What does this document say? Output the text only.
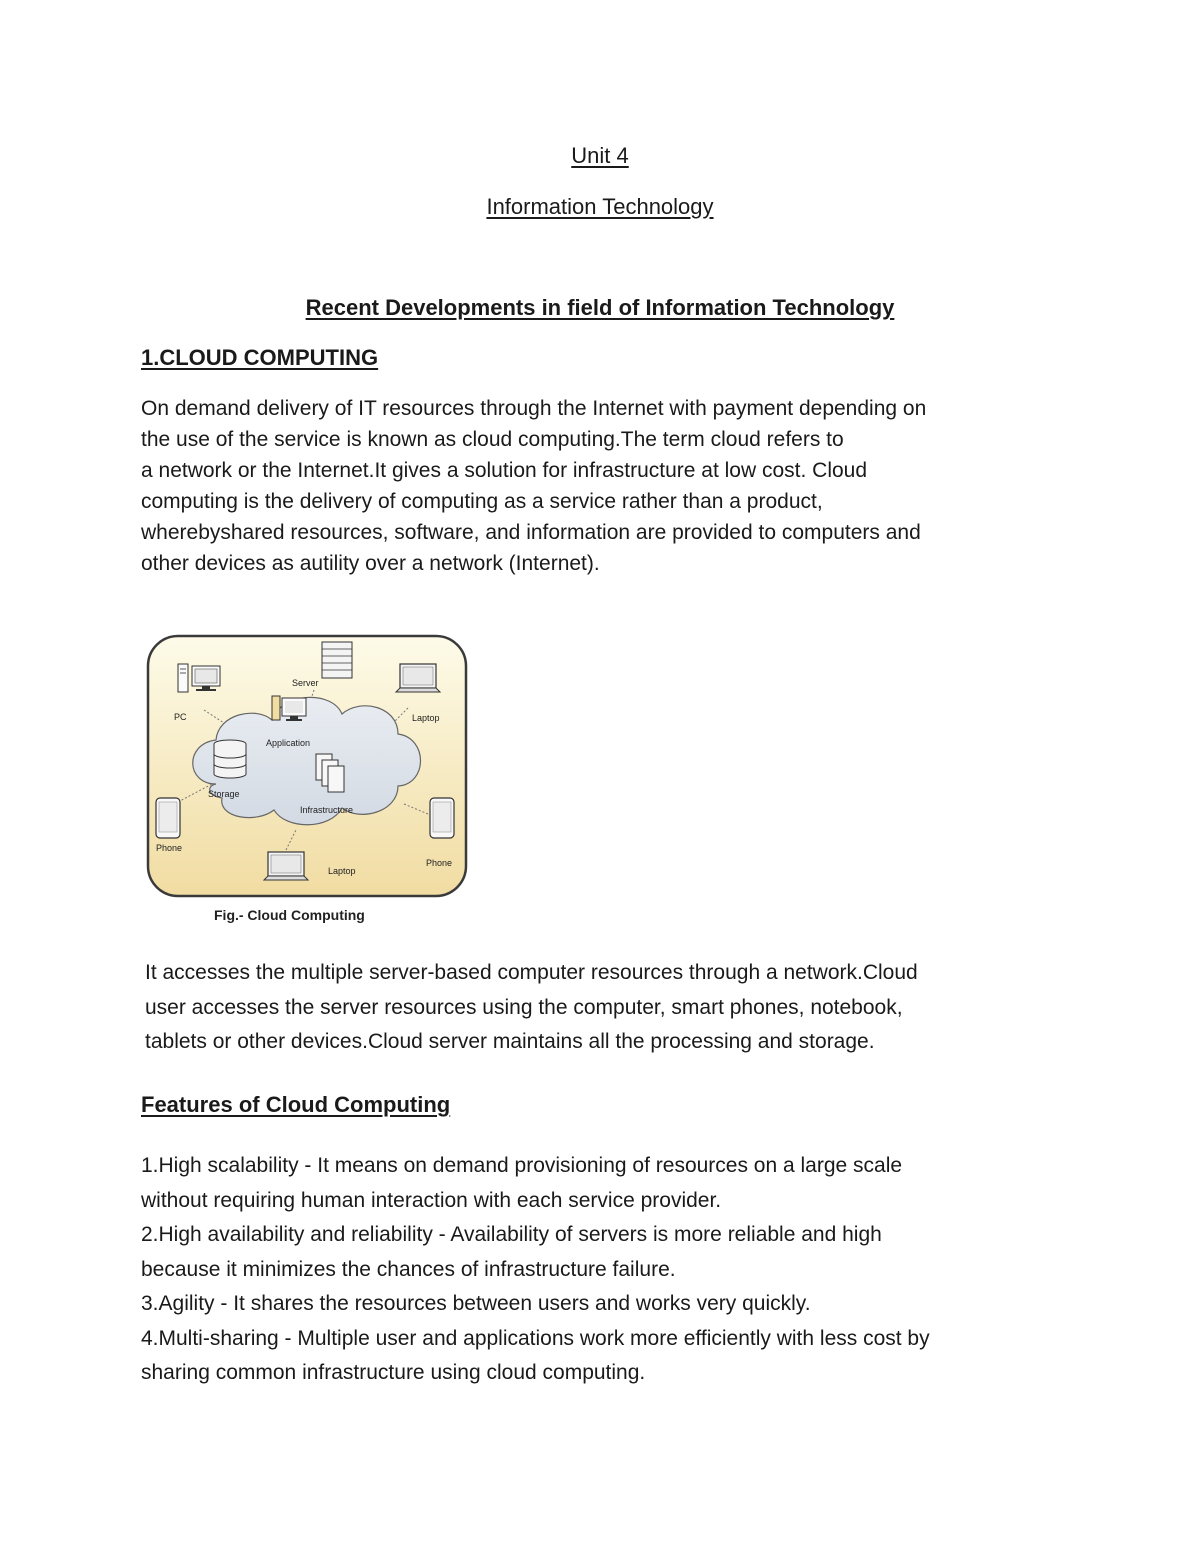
Unit 4
Information Technology
Recent Developments in field of Information Technology
1.CLOUD COMPUTING
On demand delivery of IT resources through the Internet with payment depending on
the use of the service is known as cloud computing.The term cloud refers to
a network or the Internet.It gives a solution for infrastructure at low cost. Cloud
computing is the delivery of computing as a service rather than a product,
wherebyshared resources, software, and information are provided to computers and
other devices as autility over a network (Internet).
PC
Server
Laptop
Application
Storage
Infrastructure
Phone
Phone
Laptop
Fig.- Cloud Computing
It accesses the multiple server-based computer resources through a network.Cloud
user accesses the server resources using the computer, smart phones, notebook,
tablets or other devices.Cloud server maintains all the processing and storage.
Features of Cloud Computing
1.High scalability - It means on demand provisioning of resources on a large scale
without requiring human interaction with each service provider.
2.High availability and reliability - Availability of servers is more reliable and high
because it minimizes the chances of infrastructure failure.
3.Agility - It shares the resources between users and works very quickly.
4.Multi-sharing - Multiple user and applications work more efficiently with less cost by
sharing common infrastructure using cloud computing.
